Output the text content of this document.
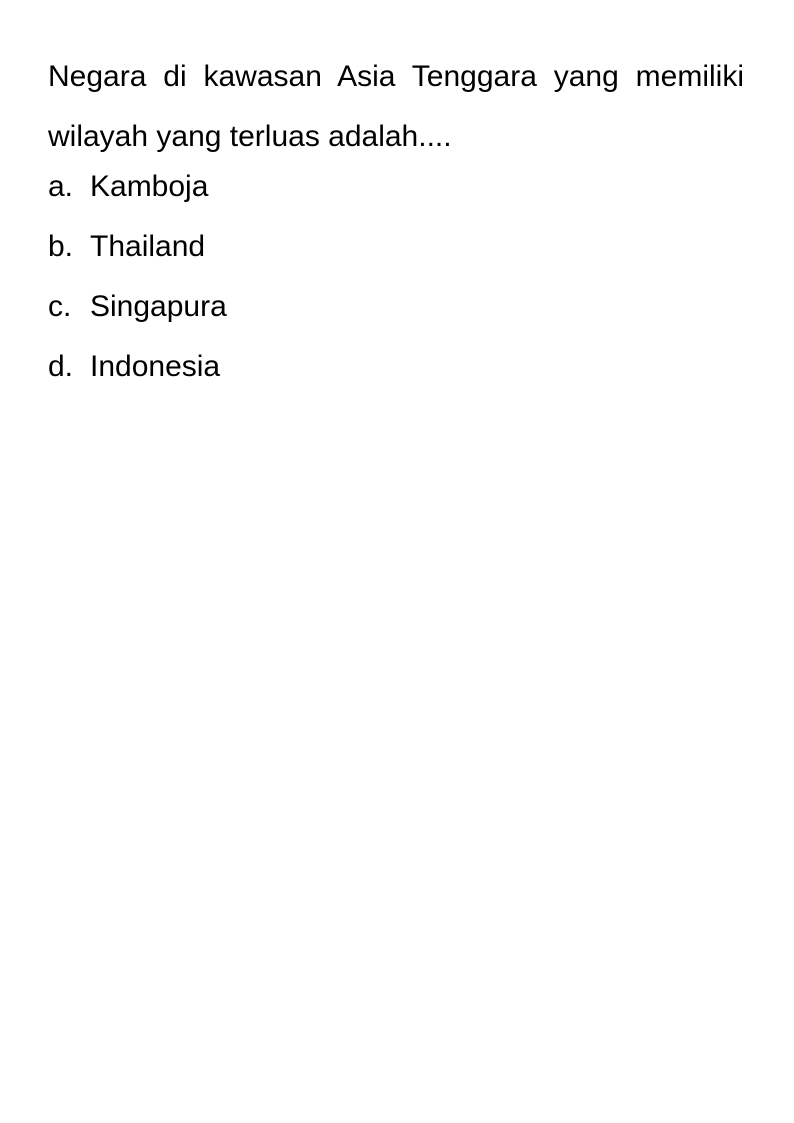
Negara di kawasan Asia Tenggara yang memiliki wilayah yang terluas adalah....

a. Kamboja
b. Thailand
c. Singapura
d. Indonesia
